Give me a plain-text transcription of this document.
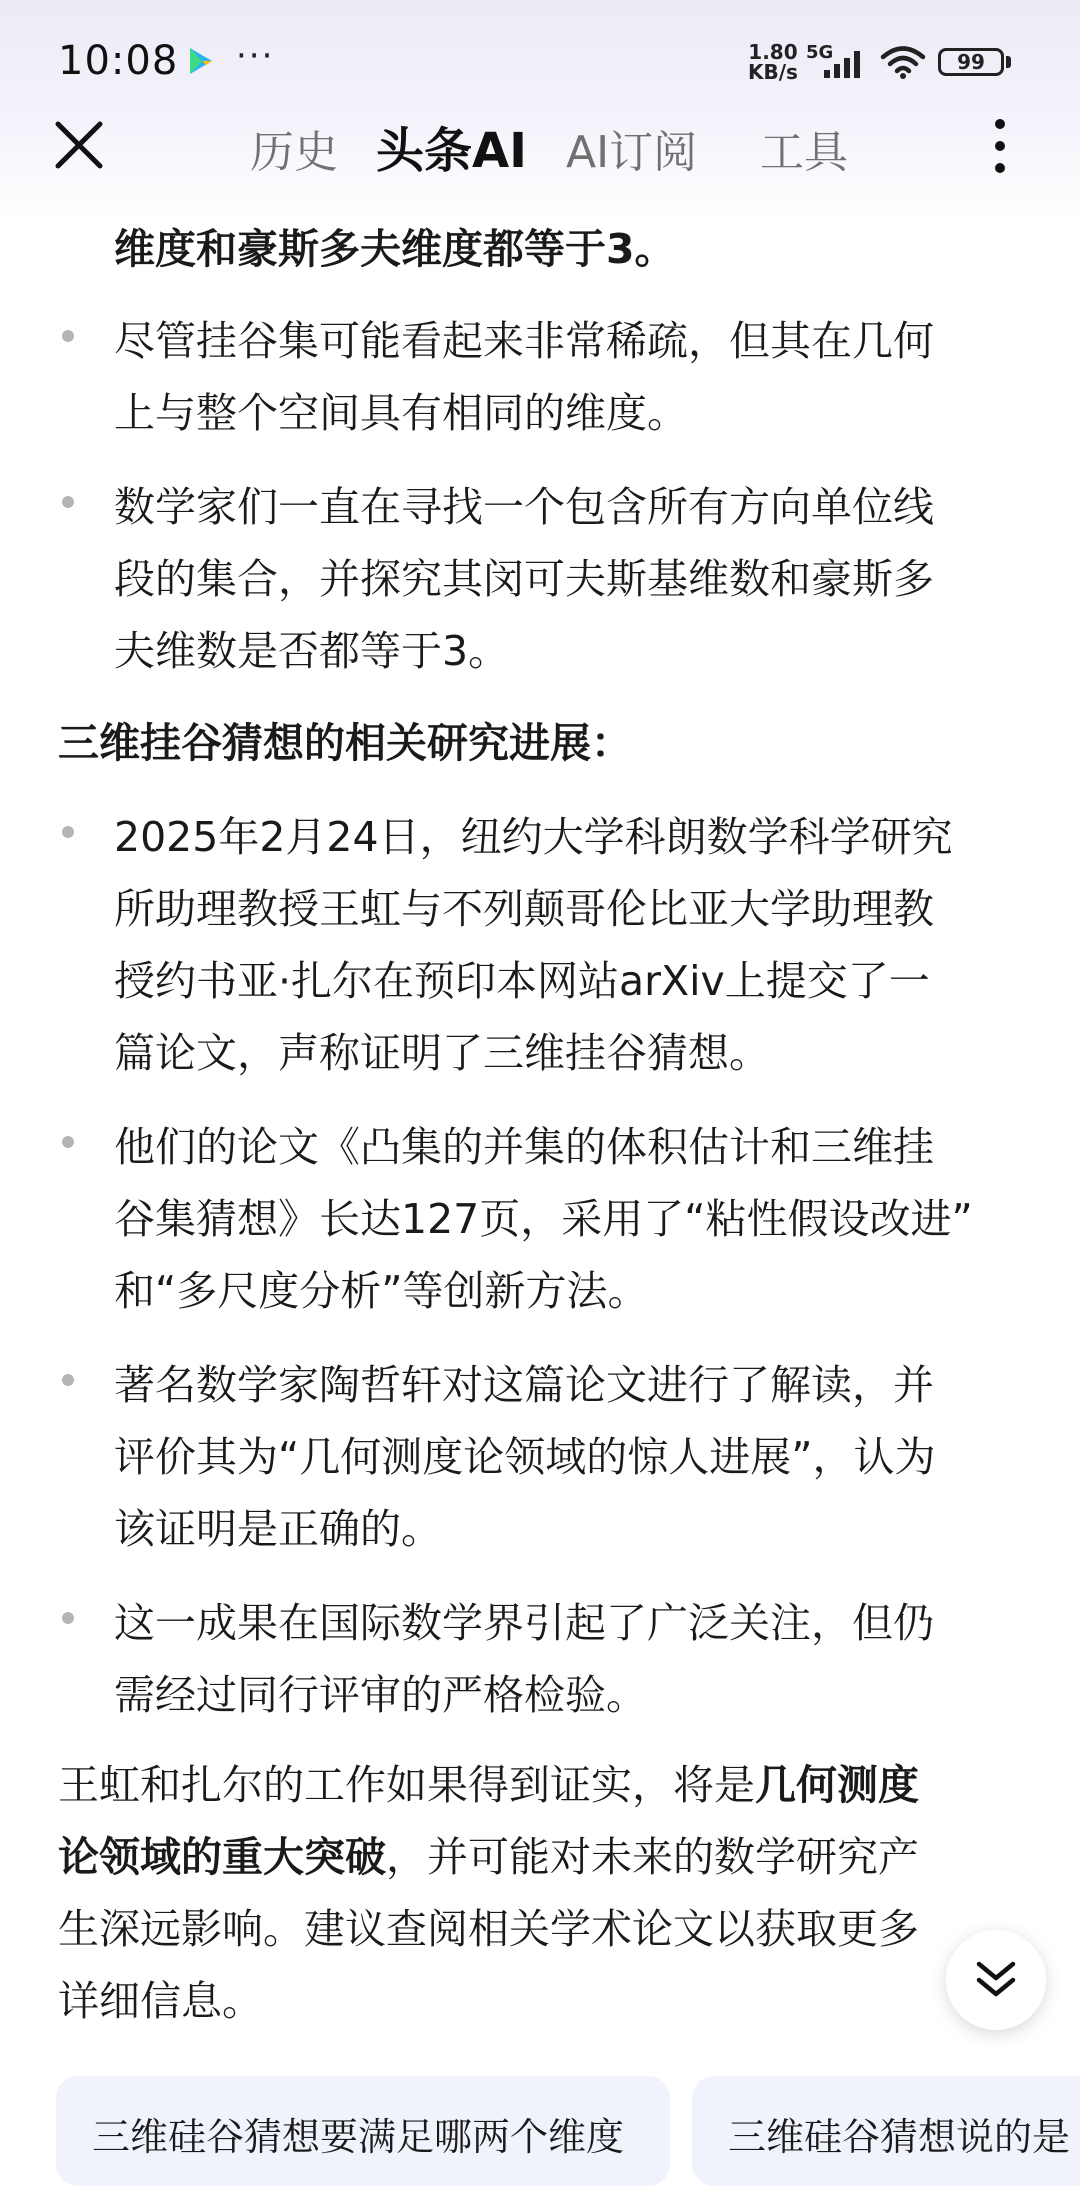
10:08 ···	1.80
KB/s
5G	99
历史 头条AI AI订阅 工具
维度和豪斯多夫维度都等于3。
尽管挂谷集可能看起来非常稀疏，但其在几何
上与整个空间具有相同的维度。
数学家们一直在寻找一个包含所有方向单位线
段的集合，并探究其闵可夫斯基维数和豪斯多
夫维数是否都等于3。
三维挂谷猜想的相关研究进展：
2025年2月24日，纽约大学科朗数学科学研究
所助理教授王虹与不列颠哥伦比亚大学助理教
授约书亚·扎尔在预印本网站arXiv上提交了一
篇论文，声称证明了三维挂谷猜想。
他们的论文《凸集的并集的体积估计和三维挂
谷集猜想》长达127页，采用了“粘性假设改进”
和“多尺度分析”等创新方法。
著名数学家陶哲轩对这篇论文进行了解读，并
评价其为“几何测度论领域的惊人进展”，认为
该证明是正确的。
这一成果在国际数学界引起了广泛关注，但仍
需经过同行评审的严格检验。
王虹和扎尔的工作如果得到证实，将是几何测度
论领域的重大突破，并可能对未来的数学研究产
生深远影响。建议查阅相关学术论文以获取更多
详细信息。
三维硅谷猜想要满足哪两个维度	三维硅谷猜想说的是
